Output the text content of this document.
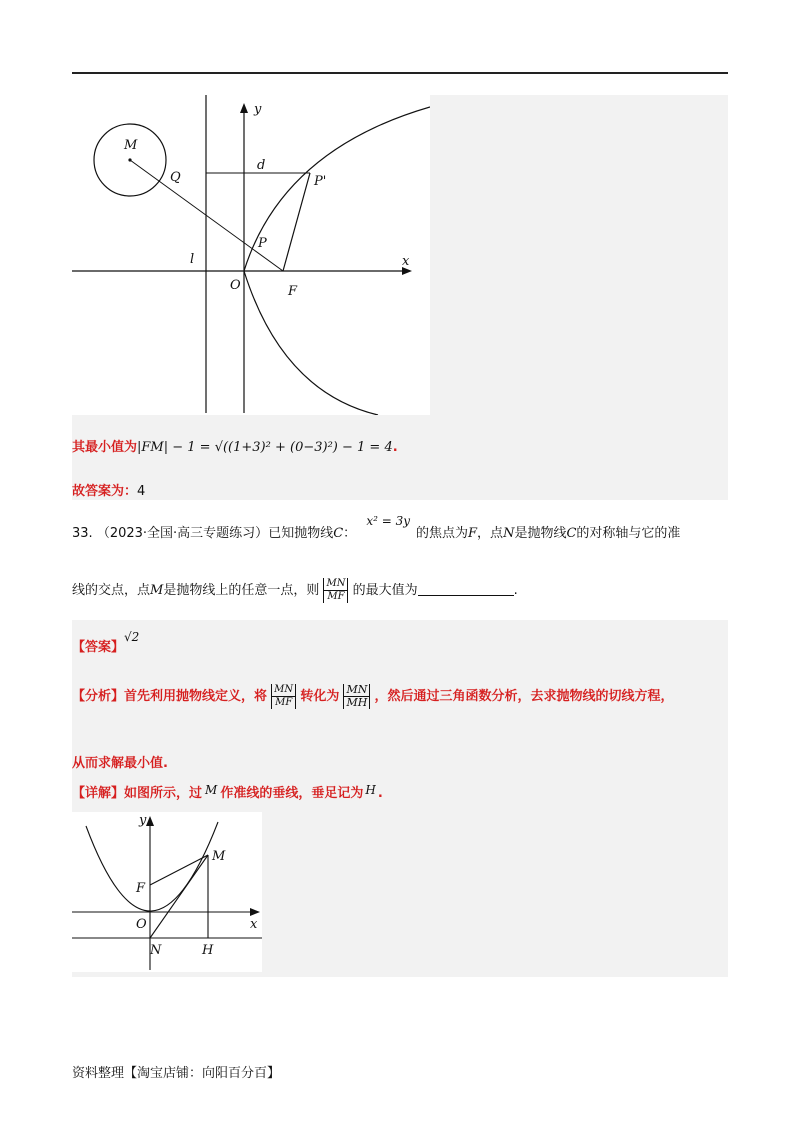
y
x
M
Q
d
P'
P
l
O	F
其最小值为|FM| − 1 = √((1+3)² + (0−3)²) − 1 = 4.
故答案为：4
33. （2023·全国·高三专题练习）已知抛物线C： x² = 3y的焦点为F，点N是抛物线C的对称轴与它的准
线的交点，点M是抛物线上的任意一点，则 $\frac{MN}{MF}$ 的最大值为	.
【答案】√2
【分析】首先利用抛物线定义，将 $\frac{MN}{MF}$ 转化为 $\frac{MN}{MH}$ ，然后通过三角函数分析，去求抛物线的切线方程，
从而求解最小值.
【详解】如图所示，过 M 作准线的垂线，垂足记为 H .
y
x
M
F
O
N	H
资料整理【淘宝店铺：向阳百分百】
